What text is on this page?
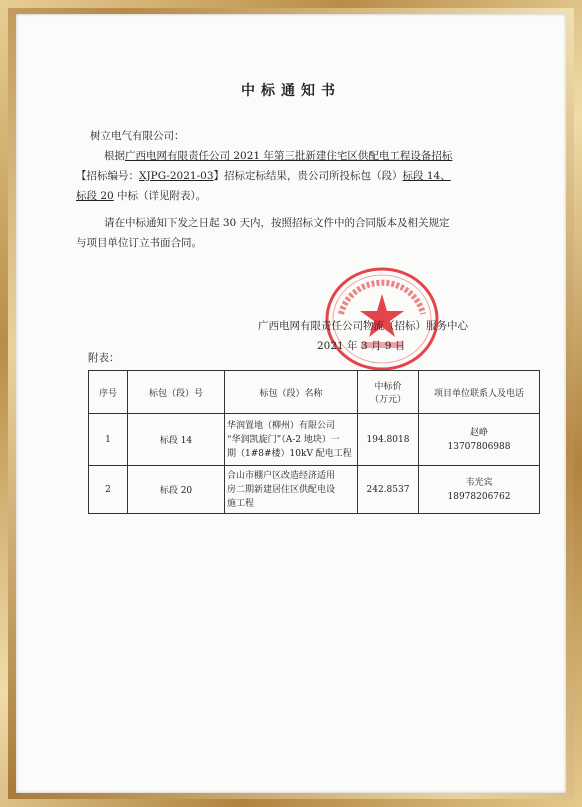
中标通知书
树立电气有限公司：
根据广西电网有限责任公司 2021 年第三批新建住宅区供配电工程设备招标
【招标编号：XJPG-2021-03】招标定标结果，贵公司所投标包（段）标段 14、
标段 20 中标（详见附表）。
请在中标通知下发之日起 30 天内，按照招标文件中的合同版本及相关规定
与项目单位订立书面合同。
广西电网有限责任公司物流（招标）服务中心
2021 年 3 月 9 日
附表：
序号	标包（段）号	标包（段）名称	中标价
（万元）	项目单位联系人及电话
1	标段 14	华润置地（柳州）有限公司
“华润凯旋门”（A-2 地块）一
期（1#8#楼）10kV 配电工程	194.8018	赵峥
13707806988

2	标段 20	合山市棚户区改造经济适用
房二期新建居住区供配电设
施工程	242.8537	韦光宾
18978206762
